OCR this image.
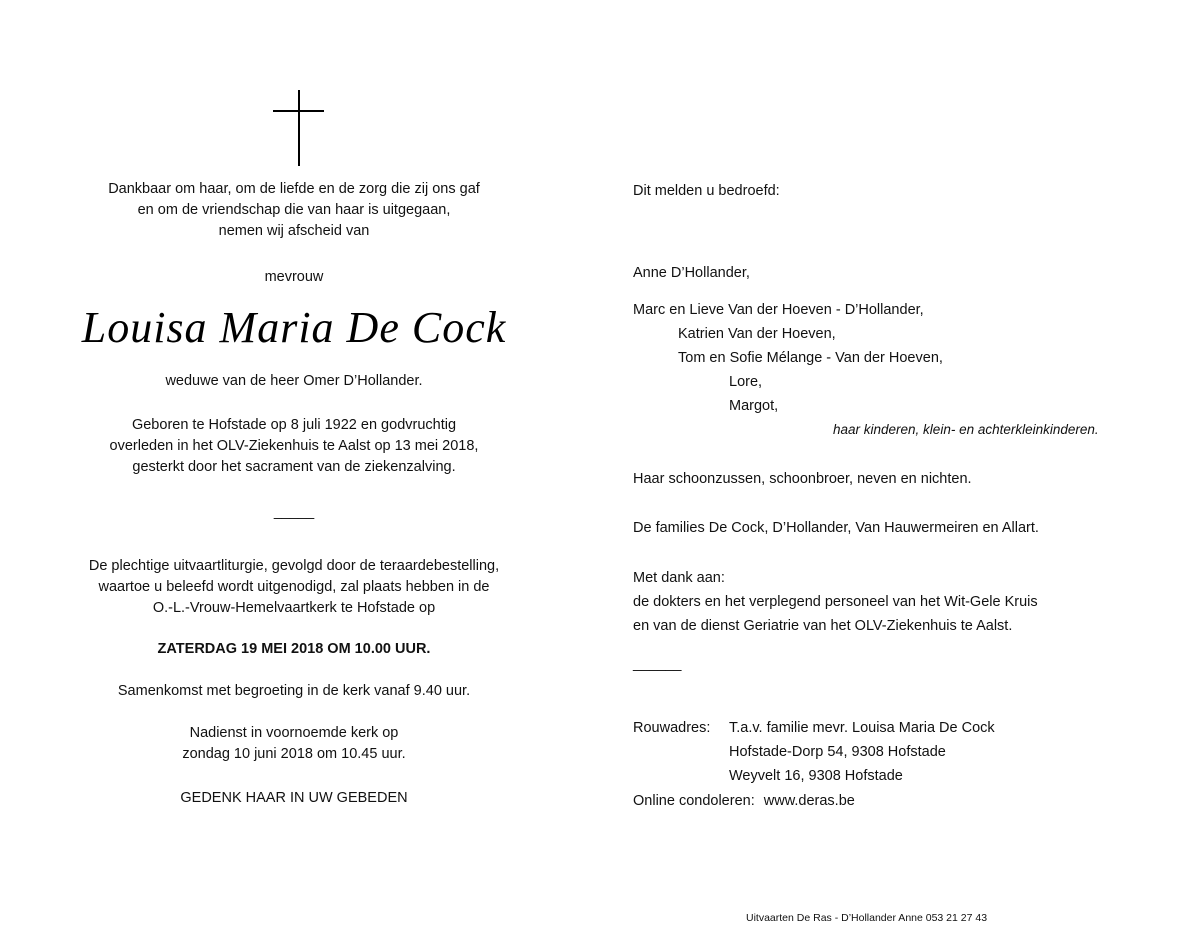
Dankbaar om haar, om de liefde en de zorg die zij ons gaf
en om de vriendschap die van haar is uitgegaan,
nemen wij afscheid van
mevrouw
Louisa Maria De Cock
weduwe van de heer Omer D’Hollander.
Geboren te Hofstade op 8 juli 1922 en godvruchtig
overleden in het OLV-Ziekenhuis te Aalst op 13 mei 2018,
gesterkt door het sacrament van de ziekenzalving.
_____
De plechtige uitvaartliturgie, gevolgd door de teraardebestelling,
waartoe u beleefd wordt uitgenodigd, zal plaats hebben in de
O.-L.-Vrouw-Hemelvaartkerk te Hofstade op
ZATERDAG 19 MEI 2018 OM 10.00 UUR.
Samenkomst met begroeting in de kerk vanaf 9.40 uur.
Nadienst in voornoemde kerk op
zondag 10 juni 2018 om 10.45 uur.
GEDENK HAAR IN UW GEBEDEN
Dit melden u bedroefd:
Anne D’Hollander,
Marc en Lieve Van der Hoeven - D’Hollander,
Katrien Van der Hoeven,
Tom en Sofie Mélange - Van der Hoeven,
Lore,
Margot,
haar kinderen, klein- en achterkleinkinderen.
Haar schoonzussen, schoonbroer, neven en nichten.
De families De Cock, D’Hollander, Van Hauwermeiren en Allart.
Met dank aan:
de dokters en het verplegend personeel van het Wit-Gele Kruis
en van de dienst Geriatrie van het OLV-Ziekenhuis te Aalst.
______
Rouwadres: T.a.v. familie mevr. Louisa Maria De Cock
Hofstade-Dorp 54, 9308 Hofstade
Weyvelt 16, 9308 Hofstade
Online condoleren: www.deras.be
Uitvaarten De Ras - D’Hollander Anne 053 21 27 43
